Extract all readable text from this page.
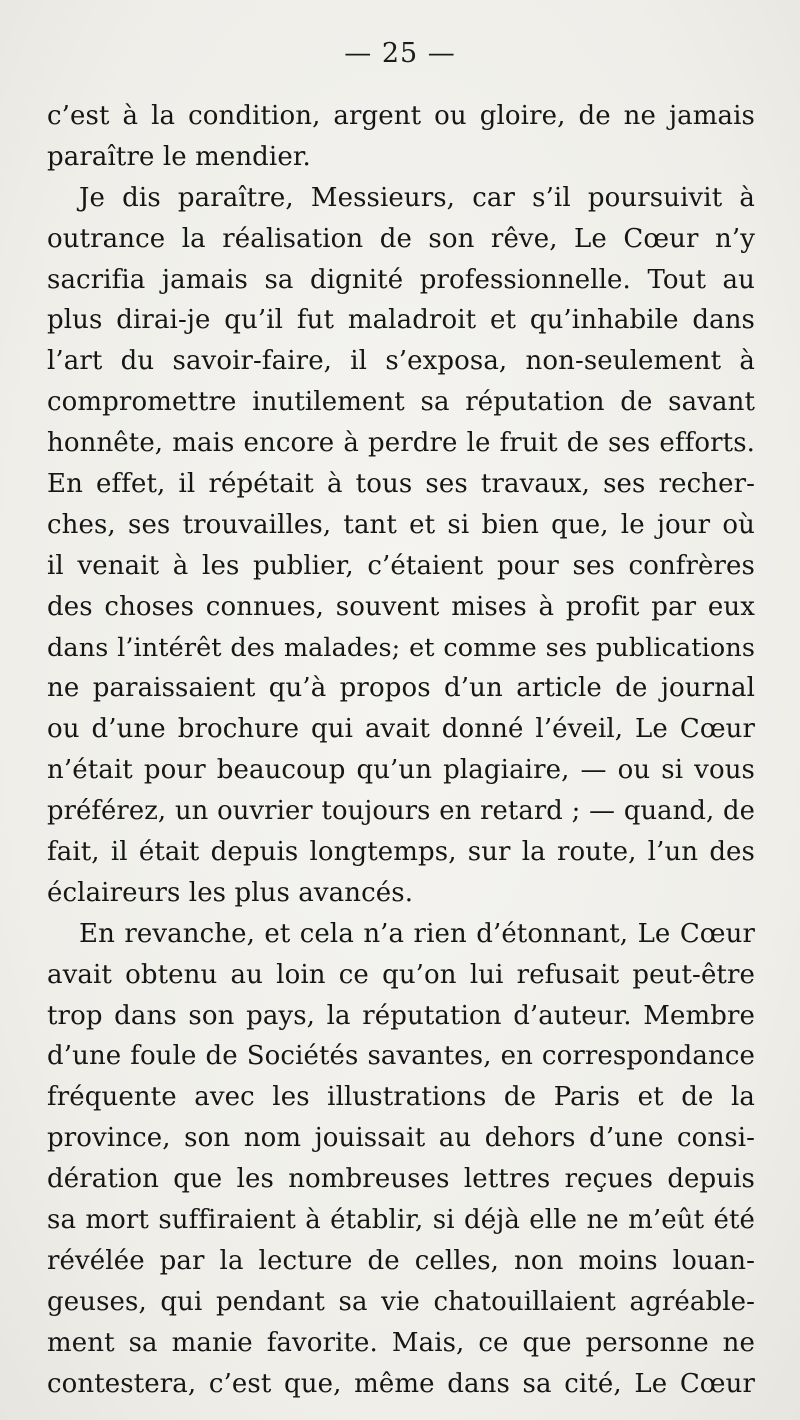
— 25 —
c’est à la condition, argent ou gloire, de ne jamais
paraître le mendier.
Je dis paraître, Messieurs, car s’il poursuivit à
outrance la réalisation de son rêve, Le Cœur n’y
sacrifia jamais sa dignité professionnelle. Tout au
plus dirai-je qu’il fut maladroit et qu’inhabile dans
l’art du savoir-faire, il s’exposa, non-seulement à
compromettre inutilement sa réputation de savant
honnête, mais encore à perdre le fruit de ses efforts.
En effet, il répétait à tous ses travaux, ses recher-
ches, ses trouvailles, tant et si bien que, le jour où
il venait à les publier, c’étaient pour ses confrères
des choses connues, souvent mises à profit par eux
dans l’intérêt des malades; et comme ses publications
ne paraissaient qu’à propos d’un article de journal
ou d’une brochure qui avait donné l’éveil, Le Cœur
n’était pour beaucoup qu’un plagiaire, — ou si vous
préférez, un ouvrier toujours en retard ; — quand, de
fait, il était depuis longtemps, sur la route, l’un des
éclaireurs les plus avancés.
En revanche, et cela n’a rien d’étonnant, Le Cœur
avait obtenu au loin ce qu’on lui refusait peut-être
trop dans son pays, la réputation d’auteur. Membre
d’une foule de Sociétés savantes, en correspondance
fréquente avec les illustrations de Paris et de la
province, son nom jouissait au dehors d’une consi-
dération que les nombreuses lettres reçues depuis
sa mort suffiraient à établir, si déjà elle ne m’eût été
révélée par la lecture de celles, non moins louan-
geuses, qui pendant sa vie chatouillaient agréable-
ment sa manie favorite. Mais, ce que personne ne
contestera, c’est que, même dans sa cité, Le Cœur
